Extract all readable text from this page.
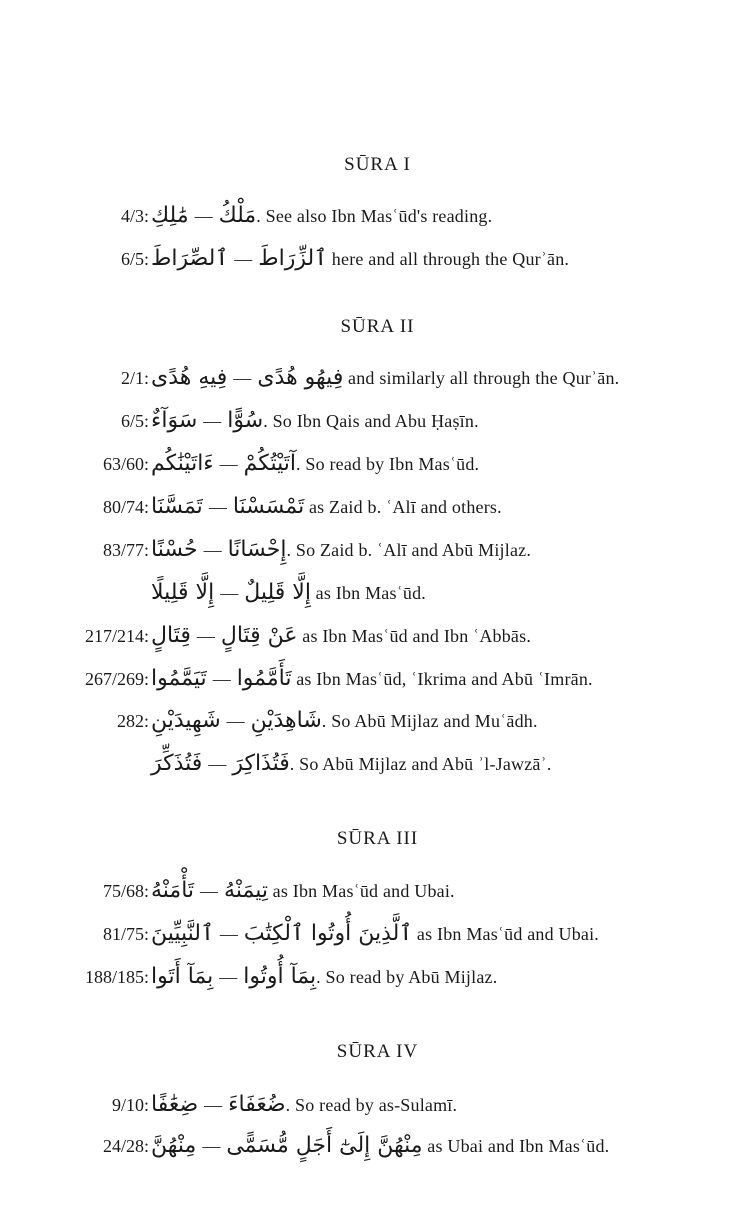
SŪRA I
4/3: مَٰلِكِ — مَلْكُ. See also Ibn Masʿūd's reading.
6/5: ٱلصِّرَاطَ — ٱلزِّرَاطَ here and all through the Qurʾān.
SŪRA II
2/1: فِيهِ هُدًى — فِيهُو هُدًى and similarly all through the Qurʾān.
6/5: سَوَآءٌ — سُوًّا. So Ibn Qais and Abu Ḥaṣīn.
63/60: ءَاتَيْنَٰكُم — آتَيْتُكُمْ. So read by Ibn Masʿūd.
80/74: تَمَسَّنَا — تَمْسَسْنَا as Zaid b. ʿAlī and others.
83/77: حُسْنًا — إِحْسَانًا. So Zaid b. ʿAlī and Abū Mijlaz.
إِلَّا قَلِيلًا — إِلَّا قَلِيلٌ as Ibn Masʿūd.
217/214: قِتَالٍ — عَنْ قِتَالٍ as Ibn Masʿūd and Ibn ʿAbbās.
267/269: تَيَمَّمُوا — تَأَمَّمُوا as Ibn Masʿūd, ʿIkrima and Abū ʿImrān.
282: شَهِيدَيْنِ — شَاهِدَيْنِ. So Abū Mijlaz and Muʿādh.
فَتُذَكِّرَ — فَتُذَاكِرَ. So Abū Mijlaz and Abū ʾl-Jawzāʾ.
SŪRA III
75/68: تَأْمَنْهُ — تِيمَنْهُ as Ibn Masʿūd and Ubai.
81/75: ٱلنَّبِيِّينَ — ٱلَّذِينَ أُوتُوا ٱلْكِتَٰبَ as Ibn Masʿūd and Ubai.
188/185: بِمَآ أَتَوا — بِمَآ أُوتُوا. So read by Abū Mijlaz.
SŪRA IV
9/10: ضِعَٰفًا — ضُعَفَاءَ. So read by as-Sulamī.
24/28: مِنْهُنَّ — مِنْهُنَّ إِلَىٰٓ أَجَلٍ مُّسَمًّى as Ubai and Ibn Masʿūd.
